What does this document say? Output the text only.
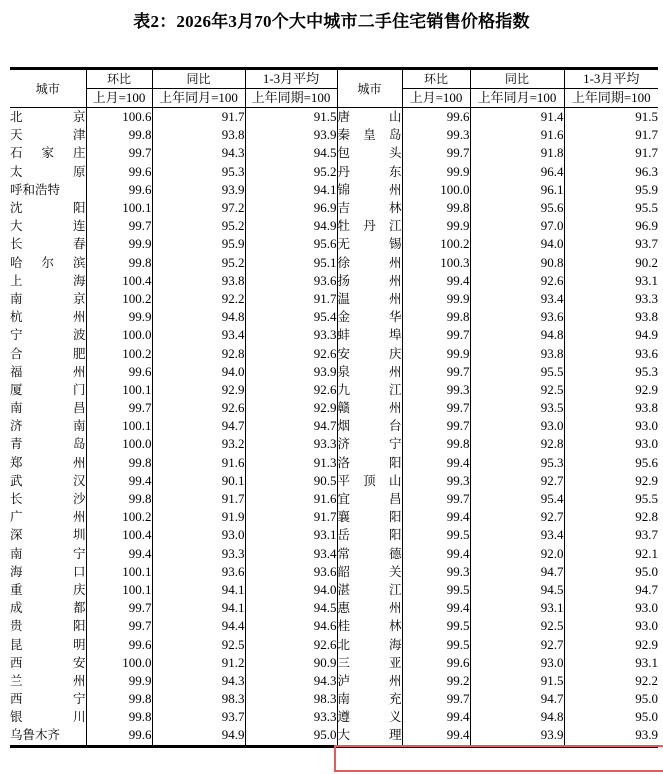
表2：2026年3月70个大中城市二手住宅销售价格指数
城市	环比	同比	1-3月平均	城市	环比	同比	1-3月平均
	上月=100	上年同月=100	上年同期=100		上月=100	上年同月=100	上年同期=100

北 京	100.6	91.7	91.5	唐 山	99.6	91.4	91.5

天 津	99.8	93.8	93.9	秦 皇 岛	99.3	91.6	91.7

石 家 庄	99.7	94.3	94.5	包 头	99.7	91.8	91.7

太 原	99.6	95.3	95.2	丹 东	99.9	96.4	96.3

呼和浩特	99.6	93.9	94.1	锦 州	100.0	96.1	95.9

沈 阳	100.1	97.2	96.9	吉 林	99.8	95.6	95.5

大 连	99.7	95.2	94.9	牡 丹 江	99.9	97.0	96.9

长 春	99.9	95.9	95.6	无 锡	100.2	94.0	93.7

哈 尔 滨	99.8	95.2	95.1	徐 州	100.3	90.8	90.2

上 海	100.4	93.8	93.6	扬 州	99.4	92.6	93.1

南 京	100.2	92.2	91.7	温 州	99.9	93.4	93.3

杭 州	99.9	94.8	95.4	金 华	99.8	93.6	93.8

宁 波	100.0	93.4	93.3	蚌 埠	99.7	94.8	94.9

合 肥	100.2	92.8	92.6	安 庆	99.9	93.8	93.6

福 州	99.6	94.0	93.9	泉 州	99.7	95.5	95.3

厦 门	100.1	92.9	92.6	九 江	99.3	92.5	92.9

南 昌	99.7	92.6	92.9	赣 州	99.7	93.5	93.8

济 南	100.1	94.7	94.7	烟 台	99.7	93.0	93.0

青 岛	100.0	93.2	93.3	济 宁	99.8	92.8	93.0

郑 州	99.8	91.6	91.3	洛 阳	99.4	95.3	95.6

武 汉	99.4	90.1	90.5	平 顶 山	99.3	92.7	92.9

长 沙	99.8	91.7	91.6	宜 昌	99.7	95.4	95.5

广 州	100.2	91.9	91.7	襄 阳	99.4	92.7	92.8

深 圳	100.4	93.0	93.1	岳 阳	99.5	93.4	93.7

南 宁	99.4	93.3	93.4	常 德	99.4	92.0	92.1

海 口	100.1	93.6	93.6	韶 关	99.3	94.7	95.0

重 庆	100.1	94.1	94.0	湛 江	99.5	94.5	94.7

成 都	99.7	94.1	94.5	惠 州	99.4	93.1	93.0

贵 阳	99.7	94.4	94.6	桂 林	99.5	92.5	93.0

昆 明	99.6	92.5	92.6	北 海	99.5	92.7	92.9

西 安	100.0	91.2	90.9	三 亚	99.6	93.0	93.1

兰 州	99.9	94.3	94.3	泸 州	99.2	91.5	92.2

西 宁	99.8	98.3	98.3	南 充	99.7	94.7	95.0

银 川	99.8	93.7	93.3	遵 义	99.4	94.8	95.0

乌鲁木齐	99.6	94.9	95.0	大 理	99.4	93.9	93.9
